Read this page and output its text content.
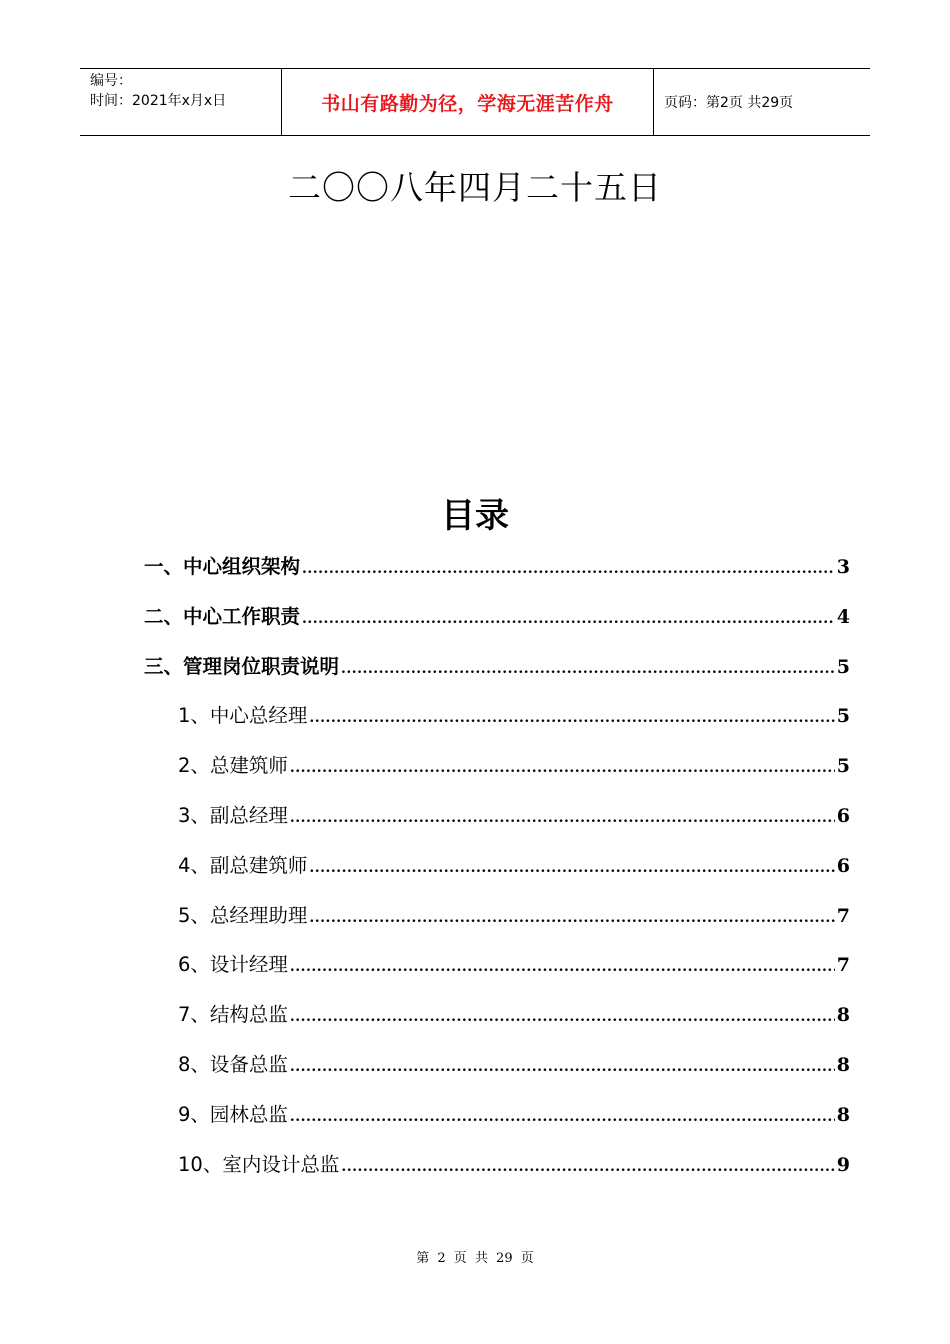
编号：
时间：2021年x月x日	书山有路勤为径，学海无涯苦作舟	页码：第2页 共29页
二〇〇八年四月二十五日
目录
一、中心组织架构 .....	3
二、中心工作职责 .....	4
三、管理岗位职责说明 .....	5
1、中心总经理 .....	5
2、总建筑师 .....	5
3、副总经理 .....	6
4、副总建筑师 .....	6
5、总经理助理 .....	7
6、设计经理 .....	7
7、结构总监 .....	8
8、设备总监 .....	8
9、园林总监 .....	8
10、室内设计总监 .....	9
第 2 页 共 29 页
